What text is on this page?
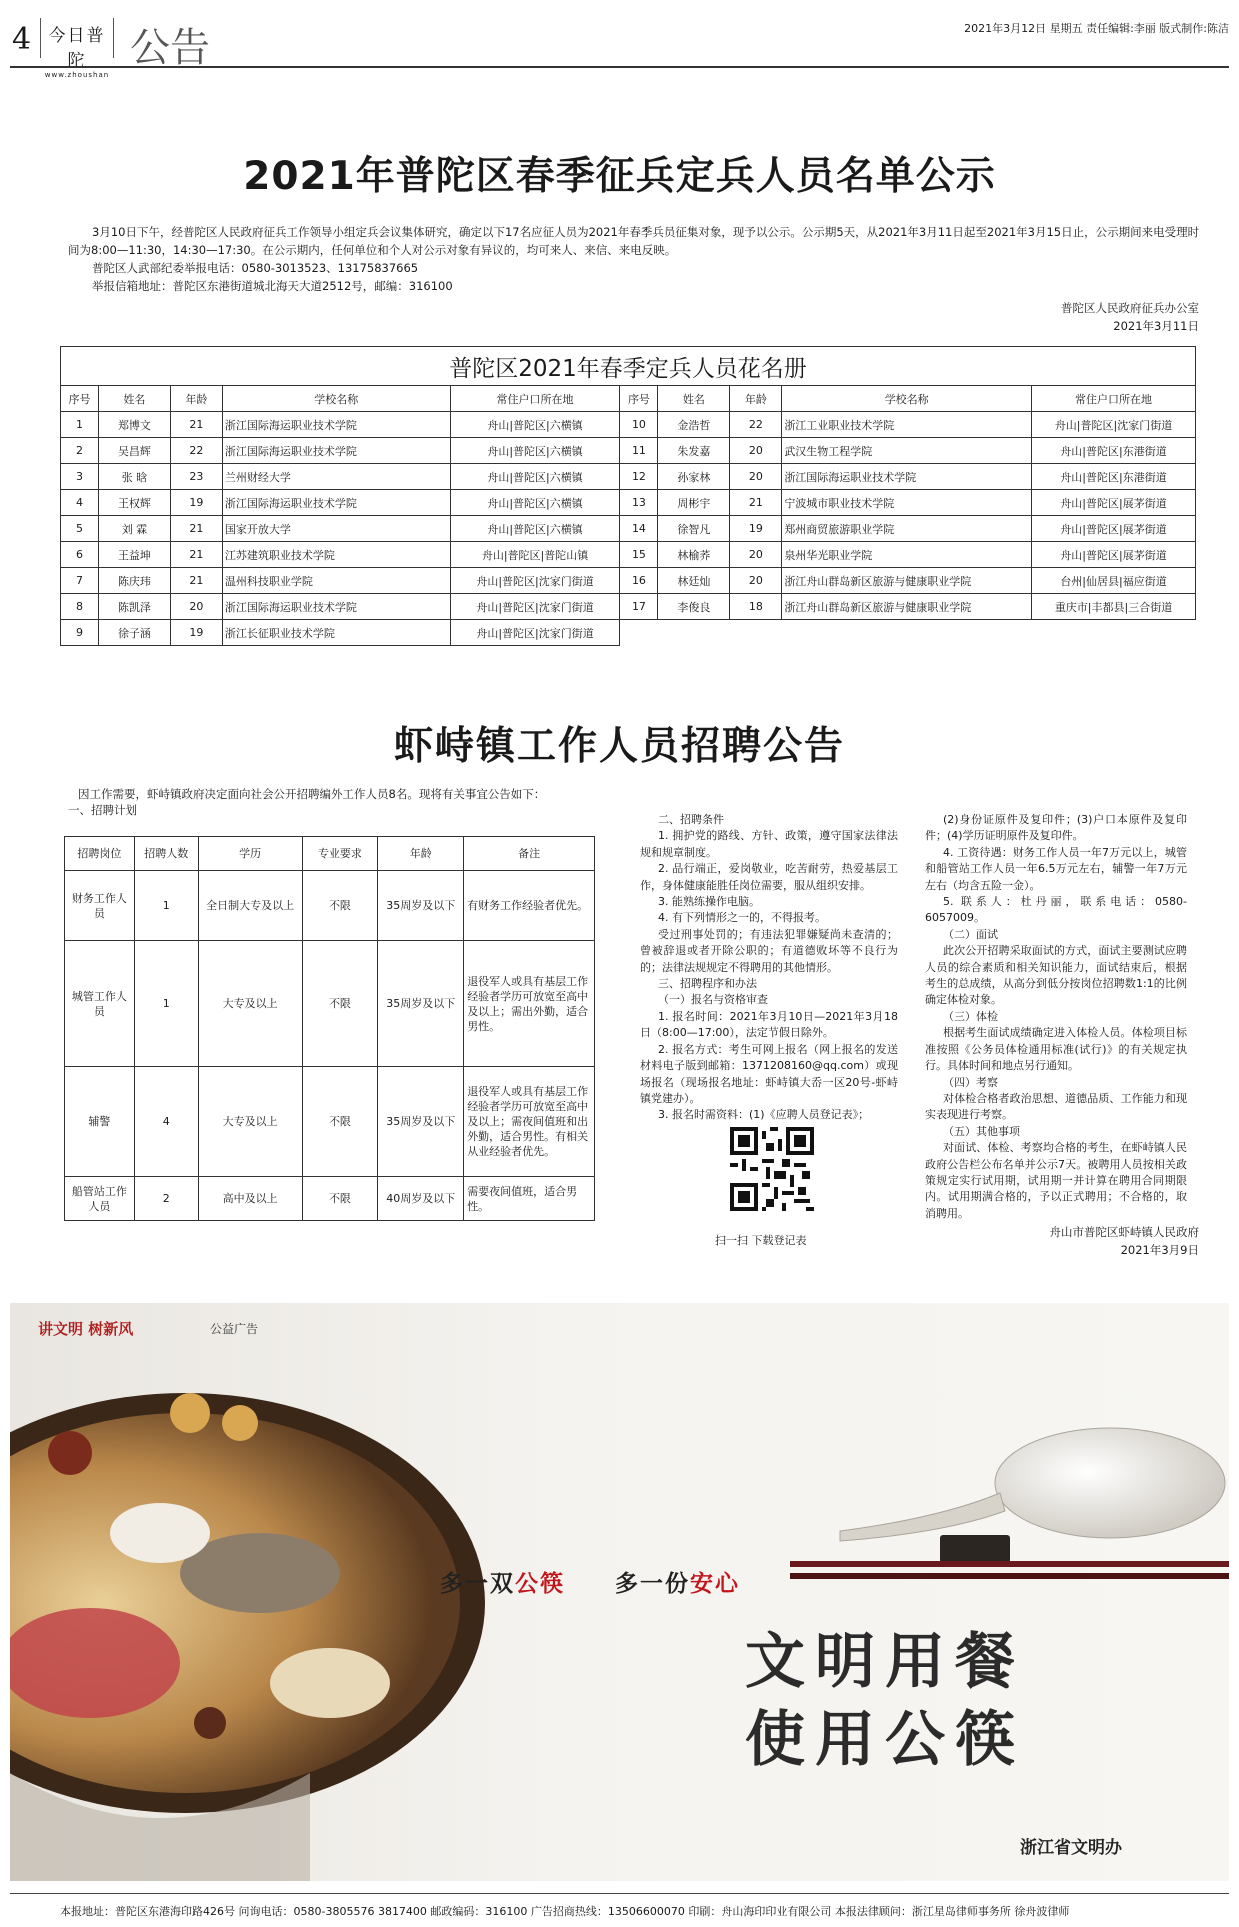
4	今日普陀
www.zhoushan
公告	2021年3月12日 星期五 责任编辑:李丽 版式制作:陈洁
2021年普陀区春季征兵定兵人员名单公示

3月10日下午，经普陀区人民政府征兵工作领导小组定兵会议集体研究，确定以下17名应征人员为2021年春季兵员征集对象，现予以公示。公示期5天，从2021年3月11日起至2021年3月15日止，公示期间来电受理时间为8:00—11:30，14:30—17:30。在公示期内，任何单位和个人对公示对象有异议的，均可来人、来信、来电反映。

普陀区人武部纪委举报电话：0580-3013523、13175837665

举报信箱地址：普陀区东港街道城北海天大道2512号，邮编：316100

普陀区人民政府征兵办公室
2021年3月11日
普陀区2021年春季定兵人员花名册									
序号	姓名	年龄	学校名称	常住户口所在地	序号	姓名	年龄	学校名称	常住户口所在地
1	郑博文	21	浙江国际海运职业技术学院	舟山|普陀区|六横镇	10	金浩哲	22	浙江工业职业技术学院	舟山|普陀区|沈家门街道
2	吴昌辉	22	浙江国际海运职业技术学院	舟山|普陀区|六横镇	11	朱发嘉	20	武汉生物工程学院	舟山|普陀区|东港街道
3	张 晗	23	兰州财经大学	舟山|普陀区|六横镇	12	孙家林	20	浙江国际海运职业技术学院	舟山|普陀区|东港街道
4	王权辉	19	浙江国际海运职业技术学院	舟山|普陀区|六横镇	13	周彬宇	21	宁波城市职业技术学院	舟山|普陀区|展茅街道
5	刘 霖	21	国家开放大学	舟山|普陀区|六横镇	14	徐智凡	19	郑州商贸旅游职业学院	舟山|普陀区|展茅街道
6	王益坤	21	江苏建筑职业技术学院	舟山|普陀区|普陀山镇	15	林榆荞	20	泉州华光职业学院	舟山|普陀区|展茅街道
7	陈庆玮	21	温州科技职业学院	舟山|普陀区|沈家门街道	16	林廷灿	20	浙江舟山群岛新区旅游与健康职业学院	台州|仙居县|福应街道
8	陈凯泽	20	浙江国际海运职业技术学院	舟山|普陀区|沈家门街道	17	李俊良	18	浙江舟山群岛新区旅游与健康职业学院	重庆市|丰都县|三合街道
9	徐子涵	19	浙江长征职业技术学院	舟山|普陀区|沈家门街道					
虾峙镇工作人员招聘公告
因工作需要，虾峙镇政府决定面向社会公开招聘编外工作人员8名。现将有关事宜公告如下：
一、招聘计划
招聘岗位	招聘人数	学历	专业要求	年龄	备注
财务工作人员	1	全日制大专及以上	不限	35周岁及以下	有财务工作经验者优先。
城管工作人员	1	大专及以上	不限	35周岁及以下	退役军人或具有基层工作经验者学历可放宽至高中及以上；需出外勤，适合男性。
辅警	4	大专及以上	不限	35周岁及以下	退役军人或具有基层工作经验者学历可放宽至高中及以上；需夜间值班和出外勤，适合男性。有相关从业经验者优先。
船管站工作人员	2	高中及以上	不限	40周岁及以下	需要夜间值班，适合男性。

二、招聘条件

1. 拥护党的路线、方针、政策，遵守国家法律法规和规章制度。

2. 品行端正，爱岗敬业，吃苦耐劳，热爱基层工作，身体健康能胜任岗位需要，服从组织安排。

3. 能熟练操作电脑。

4. 有下列情形之一的，不得报考。

受过刑事处罚的；有违法犯罪嫌疑尚未查清的；曾被辞退或者开除公职的；有道德败坏等不良行为的；法律法规规定不得聘用的其他情形。

三、招聘程序和办法

（一）报名与资格审查

1. 报名时间：2021年3月10日—2021年3月18日（8:00—17:00），法定节假日除外。

2. 报名方式：考生可网上报名（网上报名的发送材料电子版到邮箱：1371208160@qq.com）或现场报名（现场报名地址：虾峙镇大岙一区20号-虾峙镇党建办）。

3. 报名时需资料：(1)《应聘人员登记表》；

扫一扫 下载登记表

(2)身份证原件及复印件；(3)户口本原件及复印件；(4)学历证明原件及复印件。

4. 工资待遇：财务工作人员一年7万元以上，城管和船管站工作人员一年6.5万元左右，辅警一年7万元左右（均含五险一金）。

5. 联系人：杜丹丽，联系电话：0580-6057009。

（二）面试

此次公开招聘采取面试的方式，面试主要测试应聘人员的综合素质和相关知识能力，面试结束后，根据考生的总成绩，从高分到低分按岗位招聘数1:1的比例确定体检对象。

（三）体检

根据考生面试成绩确定进入体检人员。体检项目标准按照《公务员体检通用标准(试行)》的有关规定执行。具体时间和地点另行通知。

（四）考察

对体检合格者政治思想、道德品质、工作能力和现实表现进行考察。

（五）其他事项

对面试、体检、考察均合格的考生，在虾峙镇人民政府公告栏公布名单并公示7天。被聘用人员按相关政策规定实行试用期，试用期一并计算在聘用合同期限内。试用期满合格的，予以正式聘用；不合格的，取消聘用。

舟山市普陀区虾峙镇人民政府
2021年3月9日
讲文明 树新风	公益广告
多一双公筷 多一份安心
文明用餐
使用公筷
浙江省文明办
本报地址：普陀区东港海印路426号 问询电话：0580-3805576 3817400 邮政编码：316100 广告招商热线：13506600070 印刷：舟山海印印业有限公司 本报法律顾问：浙江星岛律师事务所 徐舟波律师
